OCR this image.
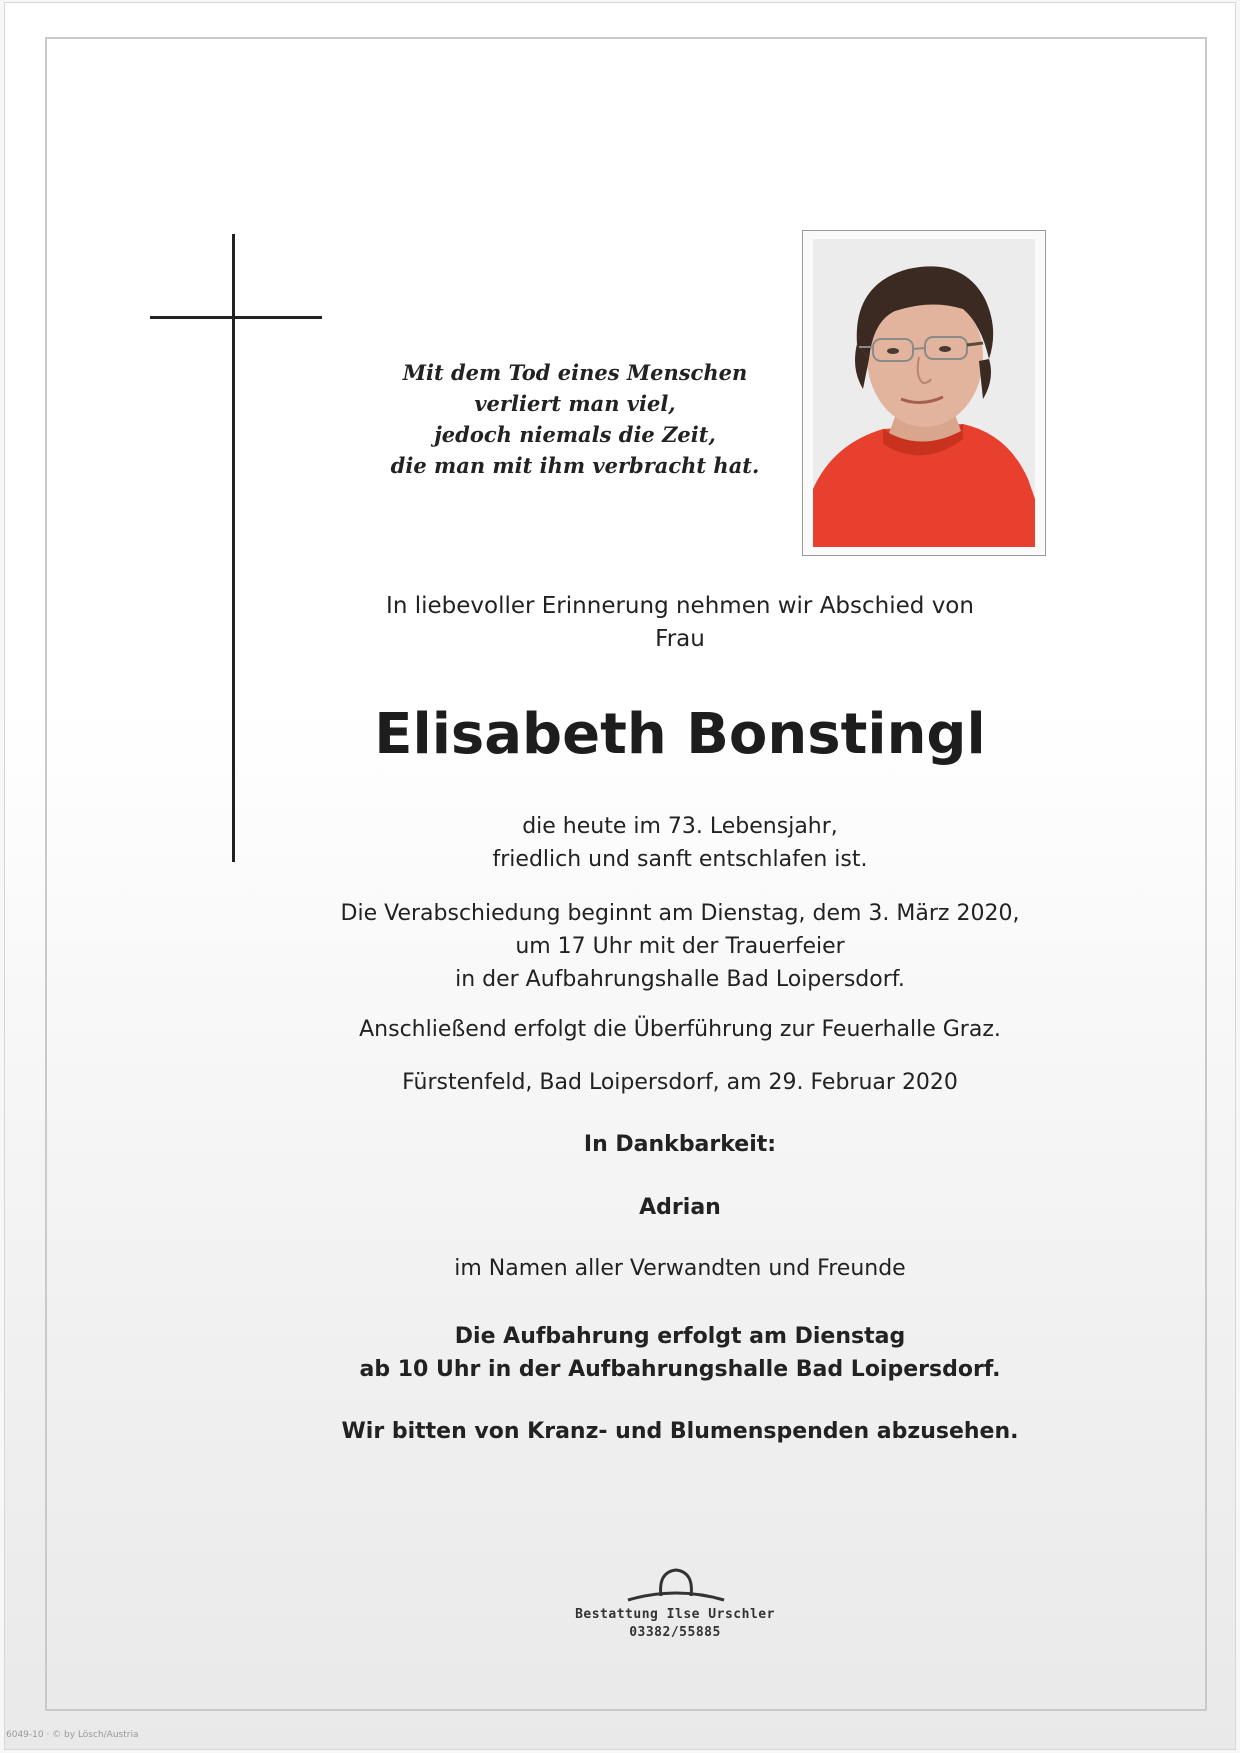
Mit dem Tod eines Menschen
verliert man viel,
jedoch niemals die Zeit,
die man mit ihm verbracht hat.
In liebevoller Erinnerung nehmen wir Abschied von
Frau
Elisabeth Bonstingl
die heute im 73. Lebensjahr,
friedlich und sanft entschlafen ist.
Die Verabschiedung beginnt am Dienstag, dem 3. März 2020,
um 17 Uhr mit der Trauerfeier
in der Aufbahrungshalle Bad Loipersdorf.
Anschließend erfolgt die Überführung zur Feuerhalle Graz.
Fürstenfeld, Bad Loipersdorf, am 29. Februar 2020
In Dankbarkeit:
Adrian
im Namen aller Verwandten und Freunde
Die Aufbahrung erfolgt am Dienstag
ab 10 Uhr in der Aufbahrungshalle Bad Loipersdorf.
Wir bitten von Kranz- und Blumenspenden abzusehen.
Bestattung Ilse Urschler
03382/55885
6049-10 · © by Lösch/Austria
